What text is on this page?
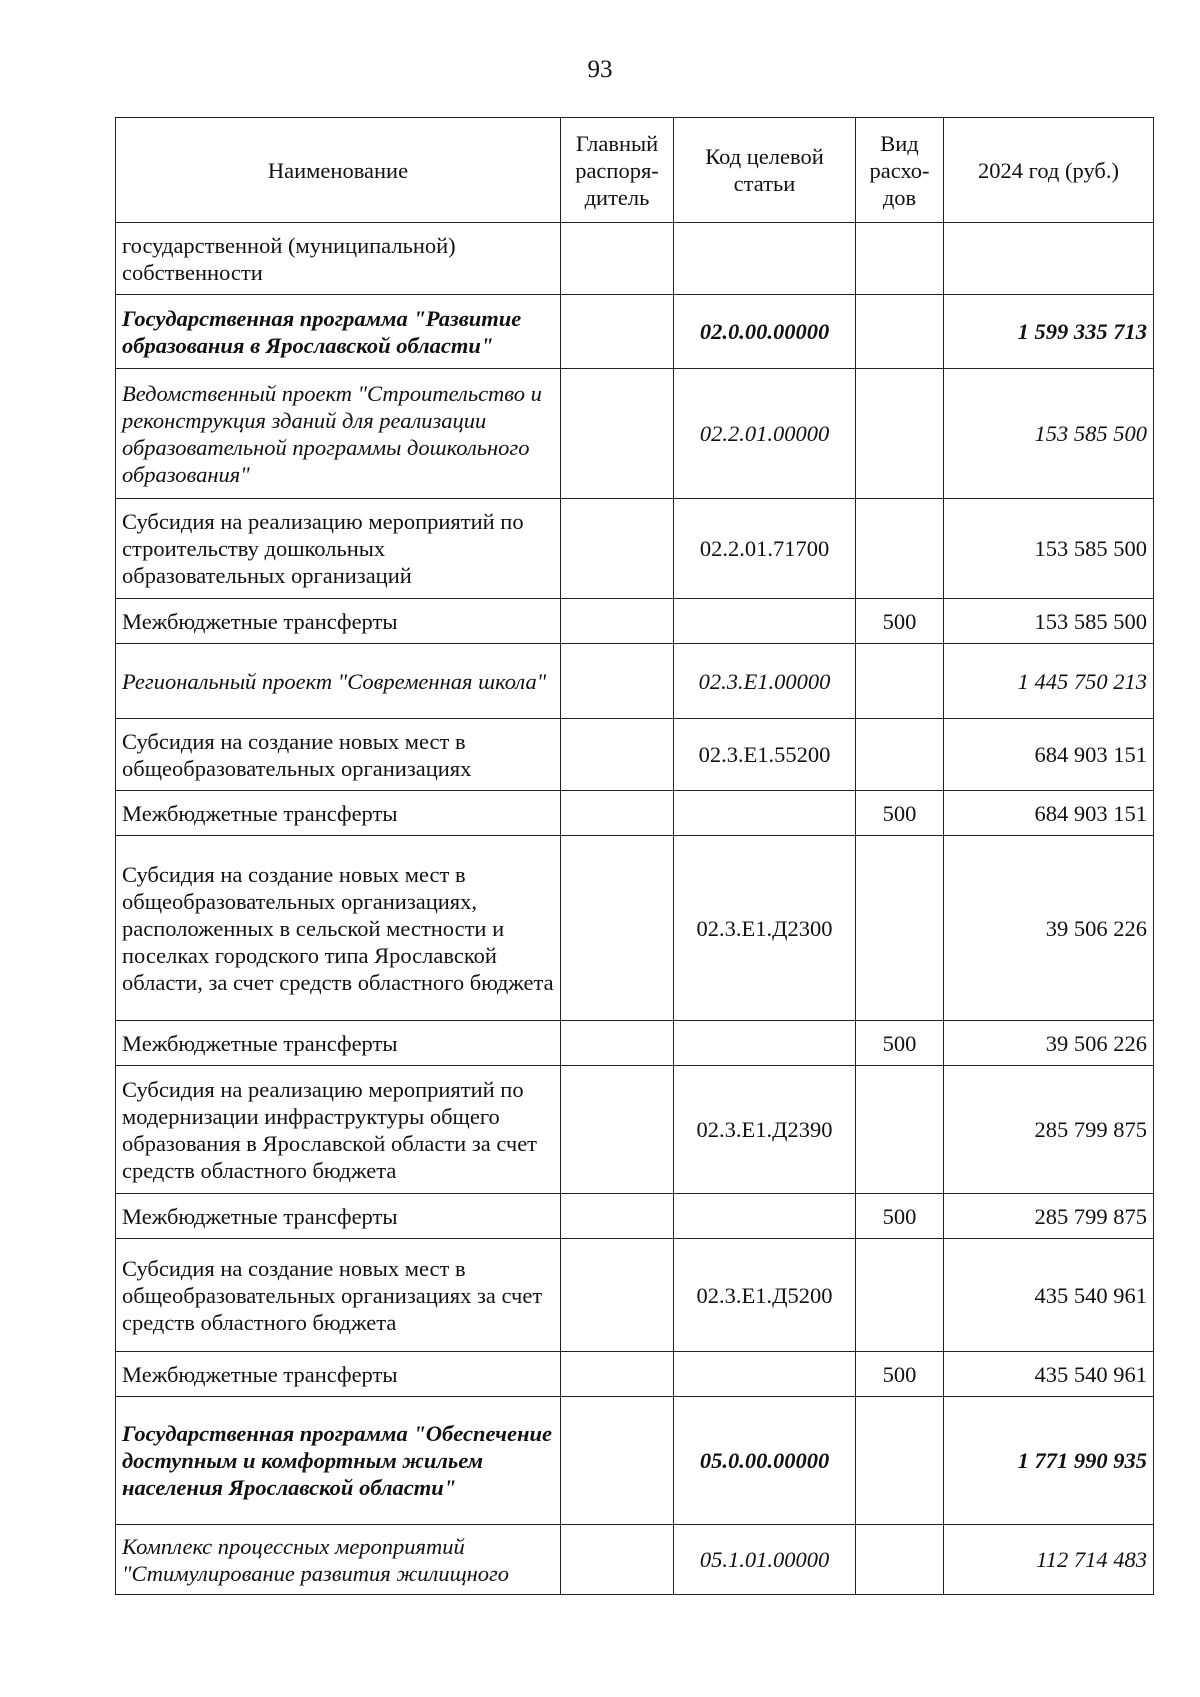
93
Наименование	Главный распоря-дитель	Код целевой статьи	Вид расхо-дов	2024 год (руб.)
государственной (муниципальной) собственности				
Государственная программа "Развитие образования в Ярославской области"		02.0.00.00000		1 599 335 713
Ведомственный проект "Строительство и реконструкция зданий для реализации образовательной программы дошкольного образования"		02.2.01.00000		153 585 500
Субсидия на реализацию мероприятий по строительству дошкольных образовательных организаций		02.2.01.71700		153 585 500
Межбюджетные трансферты			500	153 585 500
Региональный проект "Современная школа"		02.3.Е1.00000		1 445 750 213
Субсидия на создание новых мест в общеобразовательных организациях		02.3.Е1.55200		684 903 151
Межбюджетные трансферты			500	684 903 151
Субсидия на создание новых мест в общеобразовательных организациях, расположенных в сельской местности и поселках городского типа Ярославской области, за счет средств областного бюджета		02.3.Е1.Д2300		39 506 226
Межбюджетные трансферты			500	39 506 226
Субсидия на реализацию мероприятий по модернизации инфраструктуры общего образования в Ярославской области за счет средств областного бюджета		02.3.Е1.Д2390		285 799 875
Межбюджетные трансферты			500	285 799 875
Субсидия на создание новых мест в общеобразовательных организациях за счет средств областного бюджета		02.3.Е1.Д5200		435 540 961
Межбюджетные трансферты			500	435 540 961
Государственная программа "Обеспечение доступным и комфортным жильем населения Ярославской области"		05.0.00.00000		1 771 990 935
Комплекс процессных мероприятий "Стимулирование развития жилищного		05.1.01.00000		112 714 483
